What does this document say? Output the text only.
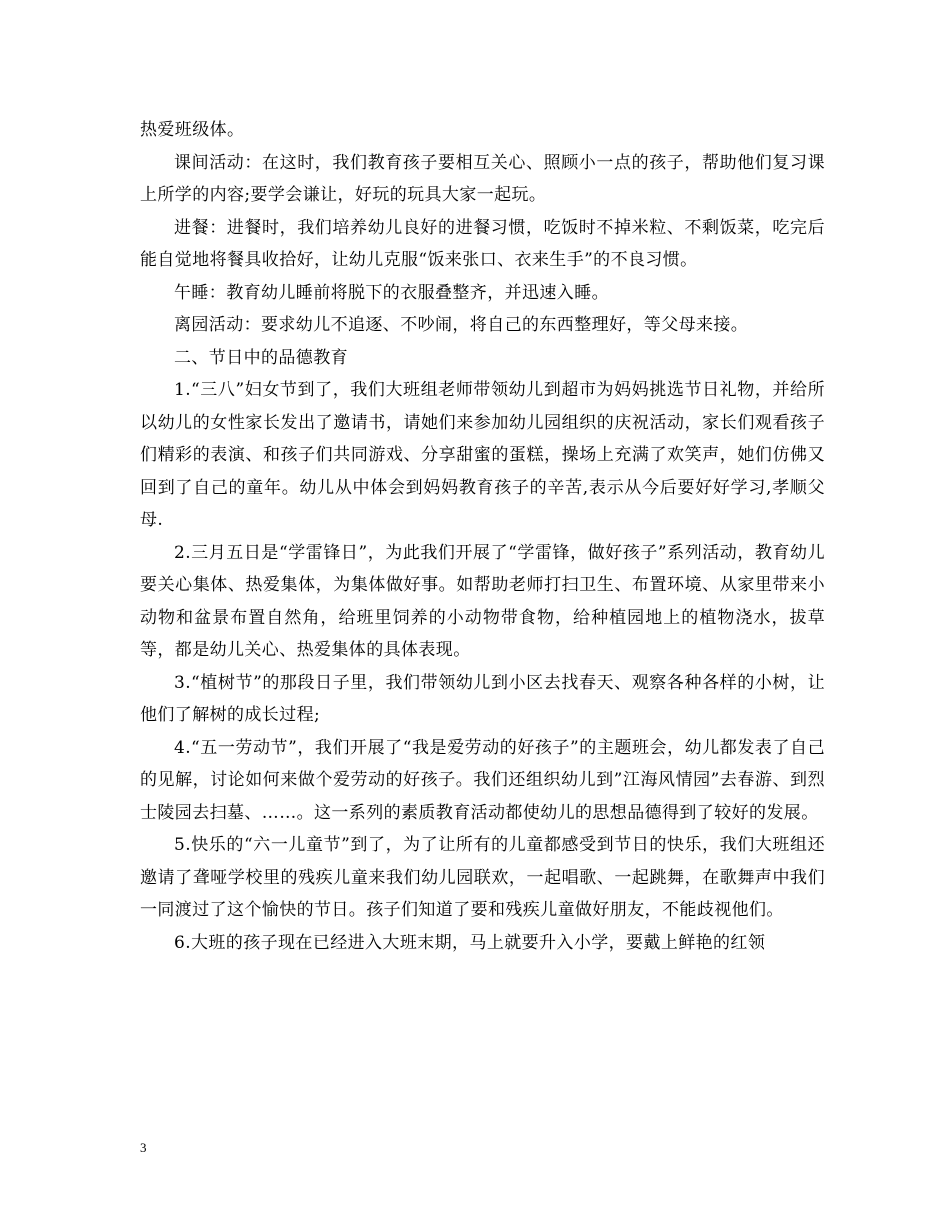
热爱班级体。

课间活动：在这时，我们教育孩子要相互关心、照顾小一点的孩子，帮助他们复习课上所学的内容;要学会谦让，好玩的玩具大家一起玩。

进餐：进餐时，我们培养幼儿良好的进餐习惯，吃饭时不掉米粒、不剩饭菜，吃完后能自觉地将餐具收拾好，让幼儿克服“饭来张口、衣来生手”的不良习惯。

午睡：教育幼儿睡前将脱下的衣服叠整齐，并迅速入睡。

离园活动：要求幼儿不追逐、不吵闹，将自己的东西整理好，等父母来接。

二、节日中的品德教育

1.“三八”妇女节到了，我们大班组老师带领幼儿到超市为妈妈挑选节日礼物，并给所以幼儿的女性家长发出了邀请书，请她们来参加幼儿园组织的庆祝活动，家长们观看孩子们精彩的表演、和孩子们共同游戏、分享甜蜜的蛋糕，操场上充满了欢笑声，她们仿佛又回到了自己的童年。幼儿从中体会到妈妈教育孩子的辛苦,表示从今后要好好学习,孝顺父母.

2.三月五日是“学雷锋日”，为此我们开展了“学雷锋，做好孩子”系列活动，教育幼儿要关心集体、热爱集体，为集体做好事。如帮助老师打扫卫生、布置环境、从家里带来小动物和盆景布置自然角，给班里饲养的小动物带食物，给种植园地上的植物浇水，拔草等，都是幼儿关心、热爱集体的具体表现。

3.“植树节”的那段日子里，我们带领幼儿到小区去找春天、观察各种各样的小树，让他们了解树的成长过程;

4.“五一劳动节”，我们开展了“我是爱劳动的好孩子”的主题班会，幼儿都发表了自己的见解，讨论如何来做个爱劳动的好孩子。我们还组织幼儿到”江海风情园”去春游、到烈士陵园去扫墓、……。这一系列的素质教育活动都使幼儿的思想品德得到了较好的发展。

5.快乐的“六一儿童节”到了，为了让所有的儿童都感受到节日的快乐，我们大班组还邀请了聋哑学校里的残疾儿童来我们幼儿园联欢，一起唱歌、一起跳舞，在歌舞声中我们一同渡过了这个愉快的节日。孩子们知道了要和残疾儿童做好朋友，不能歧视他们。

6.大班的孩子现在已经进入大班末期，马上就要升入小学，要戴上鲜艳的红领

3
